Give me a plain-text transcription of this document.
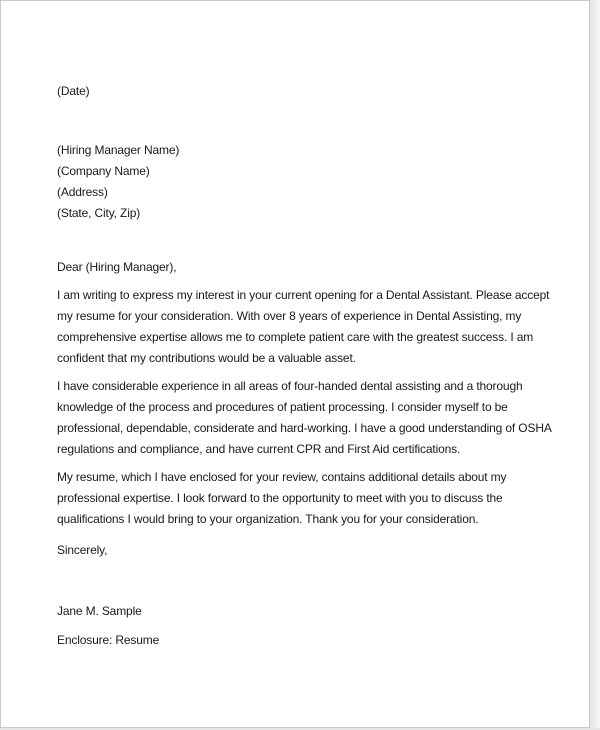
(Date)
(Hiring Manager Name)
(Company Name)
(Address)
(State, City, Zip)
Dear (Hiring Manager),

I am writing to express my interest in your current opening for a Dental Assistant. Please accept my resume for your consideration. With over 8 years of experience in Dental Assisting, my comprehensive expertise allows me to complete patient care with the greatest success. I am confident that my contributions would be a valuable asset.

I have considerable experience in all areas of four-handed dental assisting and a thorough knowledge of the process and procedures of patient processing. I consider myself to be professional, dependable, considerate and hard-working. I have a good understanding of OSHA regulations and compliance, and have current CPR and First Aid certifications.

My resume, which I have enclosed for your review, contains additional details about my professional expertise. I look forward to the opportunity to meet with you to discuss the qualifications I would bring to your organization. Thank you for your consideration.

Sincerely,
Jane M. Sample
Enclosure: Resume
